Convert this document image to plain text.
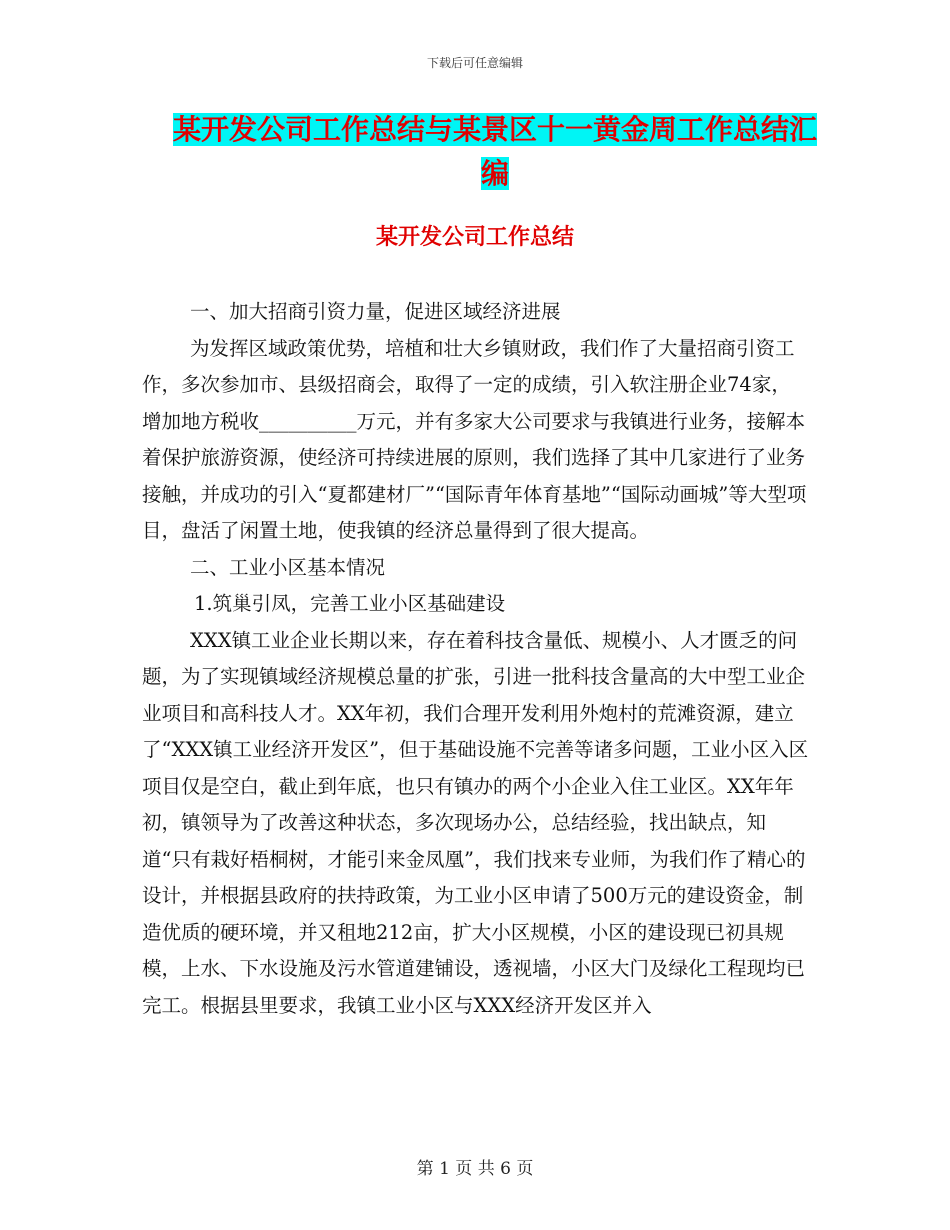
下载后可任意编辑
某开发公司工作总结与某景区十一黄金周工作总结汇
编
某开发公司工作总结

一、加大招商引资力量，促进区域经济进展

为发挥区域政策优势，培植和壮大乡镇财政，我们作了大量招商引资工作，多次参加市、县级招商会，取得了一定的成绩，引入软注册企业74家，增加地方税收__________万元，并有多家大公司要求与我镇进行业务，接解本着保护旅游资源，使经济可持续进展的原则，我们选择了其中几家进行了业务接触，并成功的引入“夏都建材厂”“国际青年体育基地”“国际动画城”等大型项目，盘活了闲置土地，使我镇的经济总量得到了很大提高。

二、工业小区基本情况

1.筑巢引凤，完善工业小区基础建设

XXX镇工业企业长期以来，存在着科技含量低、规模小、人才匮乏的问题，为了实现镇域经济规模总量的扩张，引进一批科技含量高的大中型工业企业项目和高科技人才。XX年初，我们合理开发利用外炮村的荒滩资源，建立了“XXX镇工业经济开发区”，但于基础设施不完善等诸多问题，工业小区入区项目仅是空白，截止到年底，也只有镇办的两个小企业入住工业区。XX年年初，镇领导为了改善这种状态，多次现场办公，总结经验，找出缺点，知道“只有栽好梧桐树，才能引来金凤凰”，我们找来专业师，为我们作了精心的设计，并根据县政府的扶持政策，为工业小区申请了500万元的建设资金，制造优质的硬环境，并又租地212亩，扩大小区规模，小区的建设现已初具规模，上水、下水设施及污水管道建铺设，透视墙，小区大门及绿化工程现均已完工。根据县里要求，我镇工业小区与XXX经济开发区并入

第 1 页 共 6 页
